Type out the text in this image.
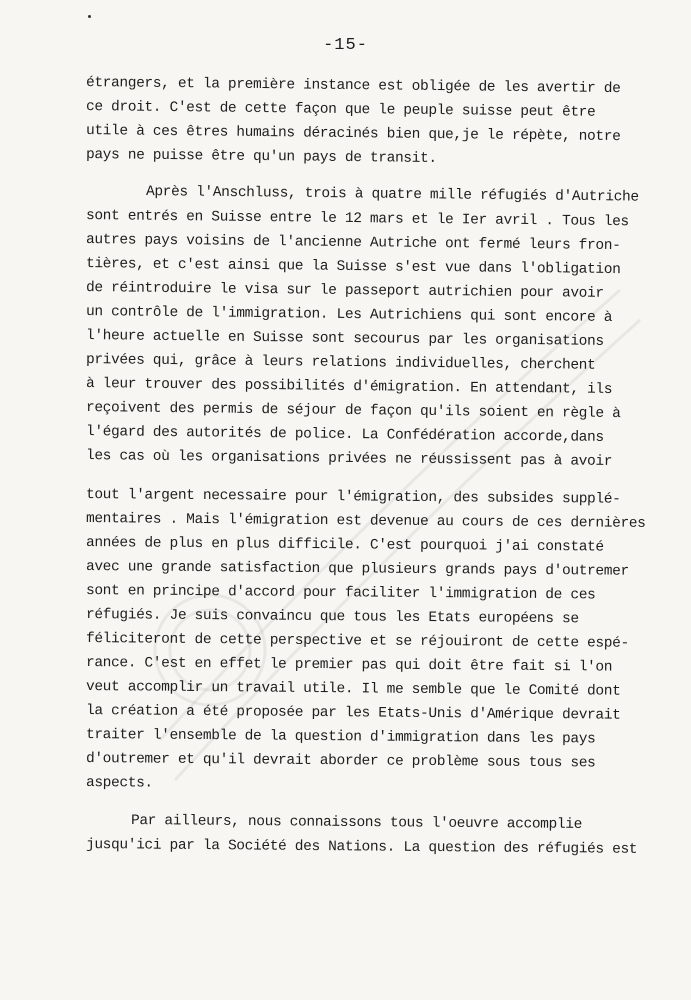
-15-
étrangers, et la première instance est obligée de les avertir de
ce droit. C'est de cette façon que le peuple suisse peut être
utile à ces êtres humains déracinés bien que,je le répète, notre
pays ne puisse être qu'un pays de transit.
Après l'Anschluss, trois à quatre mille réfugiés d'Autriche
sont entrés en Suisse entre le 12 mars et le Ier avril . Tous les
autres pays voisins de l'ancienne Autriche ont fermé leurs fron-
tières, et c'est ainsi que la Suisse s'est vue dans l'obligation
de réintroduire le visa sur le passeport autrichien pour avoir
un contrôle de l'immigration. Les Autrichiens qui sont encore à
l'heure actuelle en Suisse sont secourus par les organisations
privées qui, grâce à leurs relations individuelles, cherchent
à leur trouver des possibilités d'émigration. En attendant, ils
reçoivent des permis de séjour de façon qu'ils soient en règle à
l'égard des autorités de police. La Confédération accorde,dans
les cas où les organisations privées ne réussissent pas à avoir
tout l'argent necessaire pour l'émigration, des subsides supplé-
mentaires . Mais l'émigration est devenue au cours de ces dernières
années de plus en plus difficile. C'est pourquoi j'ai constaté
avec une grande satisfaction que plusieurs grands pays d'outremer
sont en principe d'accord pour faciliter l'immigration de ces
réfugiés. Je suis convaincu que tous les Etats européens se
féliciteront de cette perspective et se réjouiront de cette espé-
rance. C'est en effet le premier pas qui doit être fait si l'on
veut accomplir un travail utile. Il me semble que le Comité dont
la création a été proposée par les Etats-Unis d'Amérique devrait
traiter l'ensemble de la question d'immigration dans les pays
d'outremer et qu'il devrait aborder ce problème sous tous ses
aspects.
Par ailleurs, nous connaissons tous l'oeuvre accomplie
jusqu'ici par la Société des Nations. La question des réfugiés est
